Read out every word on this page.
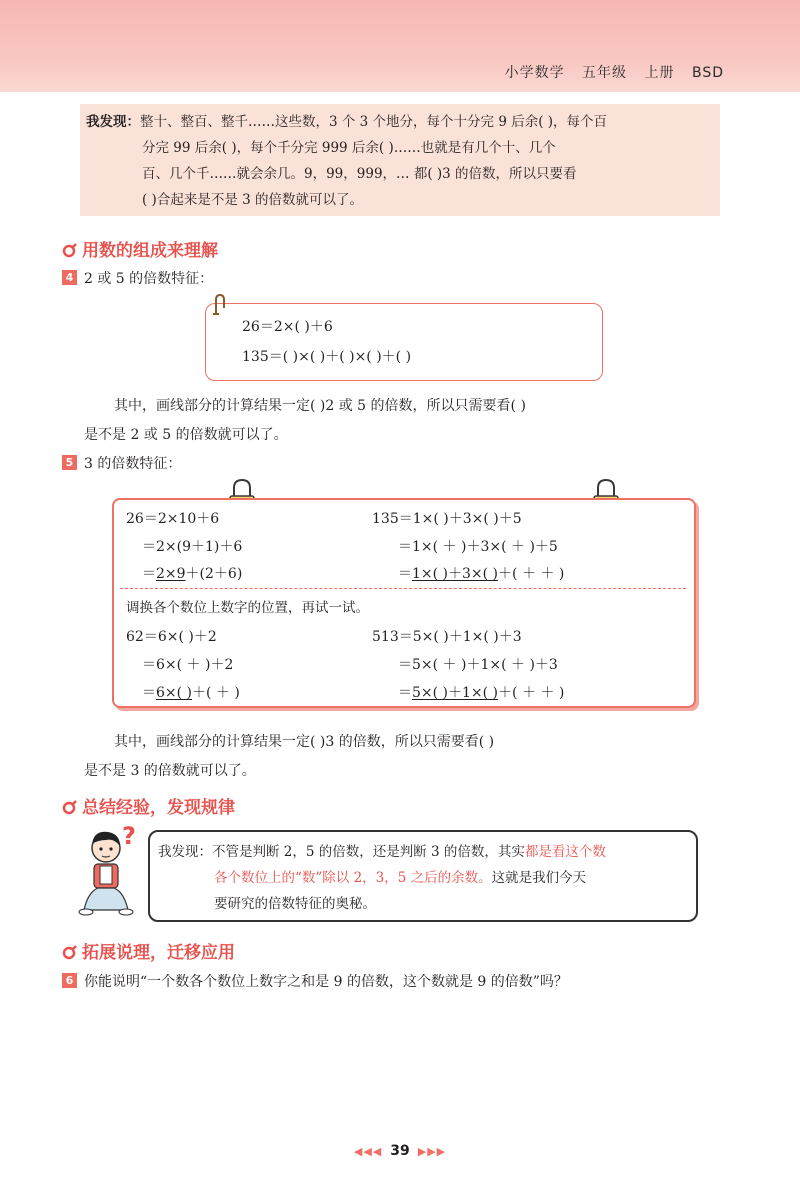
小学数学 五年级 上册 BSD

我发现：整十、整百、整千……这些数，3 个 3 个地分，每个十分完 9 后余( )，每个百

分完 99 后余( )，每个千分完 999 后余( )……也就是有几个十、几个

百、几个千……就会余几。9，99，999，… 都( )3 的倍数，所以只要看

( )合起来是不是 3 的倍数就可以了。

用数的组成来理解
4 2 或 5 的倍数特征：
26＝2×( )＋6
135＝( )×( )＋( )×( )＋( )
其中，画线部分的计算结果一定( )2 或 5 的倍数，所以只需要看( )
是不是 2 或 5 的倍数就可以了。
5 3 的倍数特征：
26＝2×10＋6
＝2×(9＋1)＋6
＝2×9＋(2＋6)
135＝1×( )＋3×( )＋5
＝1×( ＋ )＋3×( ＋ )＋5
＝1×( )＋3×( )＋( ＋ ＋ )
调换各个数位上数字的位置，再试一试。
62＝6×( )＋2
＝6×( ＋ )＋2
＝6×( )＋( ＋ )
513＝5×( )＋1×( )＋3
＝5×( ＋ )＋1×( ＋ )＋3
＝5×( )＋1×( )＋( ＋ ＋ )
其中，画线部分的计算结果一定( )3 的倍数，所以只需要看( )
是不是 3 的倍数就可以了。
总结经验，发现规律
?
我发现：不管是判断 2，5 的倍数，还是判断 3 的倍数，其实都是看这个数
各个数位上的“数”除以 2，3，5 之后的余数。这就是我们今天
要研究的倍数特征的奥秘。
拓展说理，迁移应用
6 你能说明“一个数各个数位上数字之和是 9 的倍数，这个数就是 9 的倍数”吗？
◀◀◀ 39 ▶▶▶
